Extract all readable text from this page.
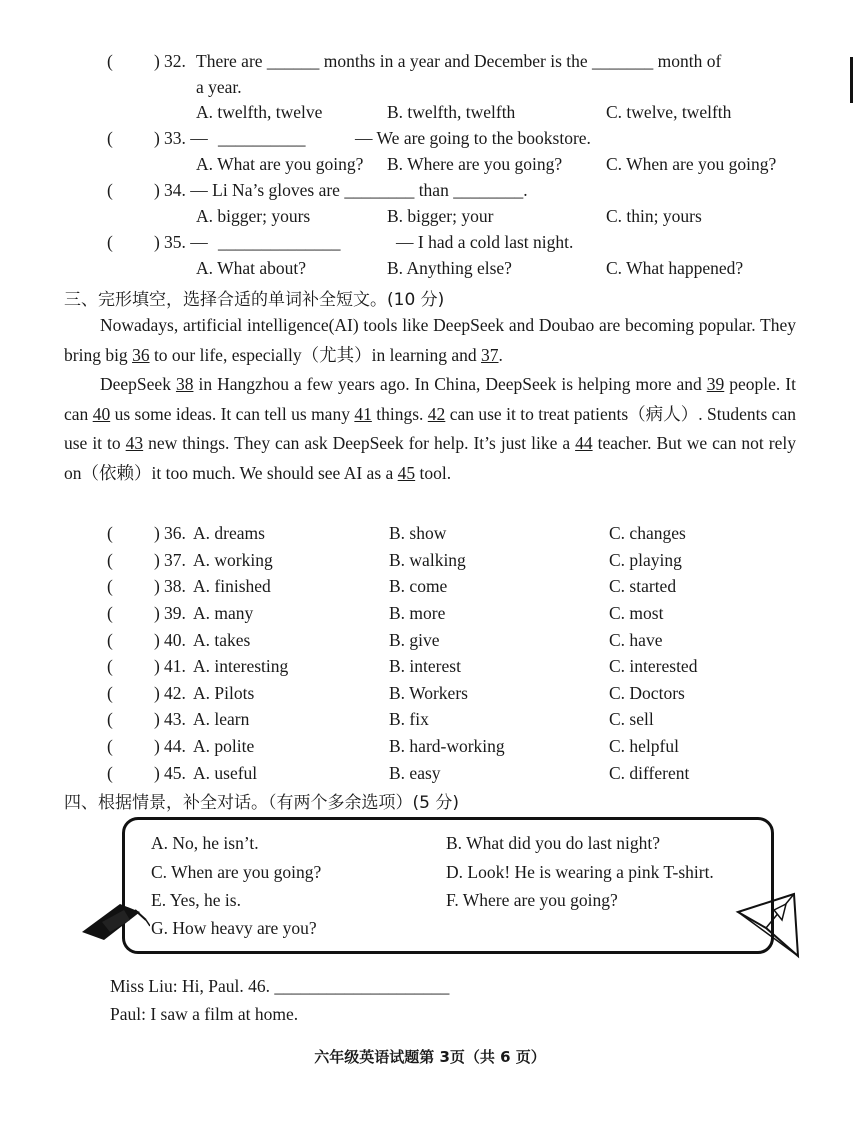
( ) 32. There are ______ months in a year and December is the _______ month of
a year.
A. twelfth, twelve	B. twelfth, twelfth	C. twelve, twelfth
( ) 33. — __________	— We are going to the bookstore.
A. What are you going? B. Where are you going?	C. When are you going?
( ) 34. — Li Na’s gloves are ________ than ________.
A. bigger; yours	B. bigger; your	C. thin; yours
( ) 35. — ______________	— I had a cold last night.
A. What about?	B. Anything else?	C. What happened?
三、完形填空，选择合适的单词补全短文。(10 分)

Nowadays, artificial intelligence(AI) tools like DeepSeek and Doubao are becoming popular. They bring big 36 to our life, especially（尤其）in learning and 37.

DeepSeek 38 in Hangzhou a few years ago. In China, DeepSeek is helping more and 39 people. It can 40 us some ideas. It can tell us many 41 things. 42 can use it to treat patients（病人）. Students can use it to 43 new things. They can ask DeepSeek for help. It’s just like a 44 teacher. But we can not rely on（依赖）it too much. We should see AI as a 45 tool.

( ) 36. A. dreams	B. show	C. changes
( ) 37. A. working	B. walking	C. playing
( ) 38. A. finished	B. come	C. started
( ) 39. A. many	B. more	C. most
( ) 40. A. takes	B. give	C. have
( ) 41. A. interesting	B. interest	C. interested
( ) 42. A. Pilots	B. Workers	C. Doctors
( ) 43. A. learn	B. fix	C. sell
( ) 44. A. polite	B. hard-working	C. helpful
( ) 45. A. useful	B. easy	C. different
四、根据情景，补全对话。（有两个多余选项）(5 分)
A. No, he isn’t.	B. What did you do last night?
C. When are you going?	D. Look! He is wearing a pink T-shirt.
E. Yes, he is.	F. Where are you going?
G. How heavy are you?
Miss Liu: Hi, Paul. 46. ____________________
Paul: I saw a film at home.
六年级英语试题第 3页（共 6 页）
